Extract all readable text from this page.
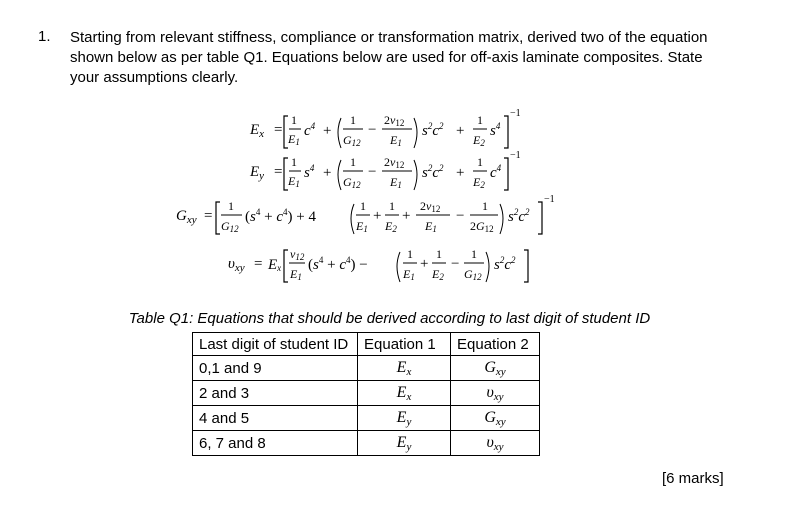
1. Starting from relevant stiffness, compliance or transformation matrix, derived two of the equation shown below as per table Q1. Equations below are used for off-axis laminate composites. State your assumptions clearly.
$E_x$ =
1
E1
$c^4$ +
1
G12
−
2v12
E1
$s^2c^2$ +
1
E2
$s^4$
−1
$E_y$ =
1
E1
$s^4$ +
1
G12
−
2v12
E1
$s^2c^2$ +
1
E2
$c^4$
−1
$G_{xy}$ =
1
G12
$(s^4 + c^4) + 4$
1
E1
+
1
E2
+
2v12
E1
−
1
2G12
$s^2c^2$
−1
$\upsilon_{xy} = Ex$
v12
E1
$(s^4 + c^4)$ −
1
E1
+
1
E2
−
1
G12
$s^2c^2$
Table Q1: Equations that should be derived according to last digit of student ID
Last digit of student ID	Equation 1	Equation 2
0,1 and 9	$E_x$	$G_{xy}$
2 and 3	$E_x$	$\upsilon_{xy}$
4 and 5	$E_y$	$G_{xy}$
6, 7 and 8	$E_y$	$\upsilon_{xy}$
[6 marks]
